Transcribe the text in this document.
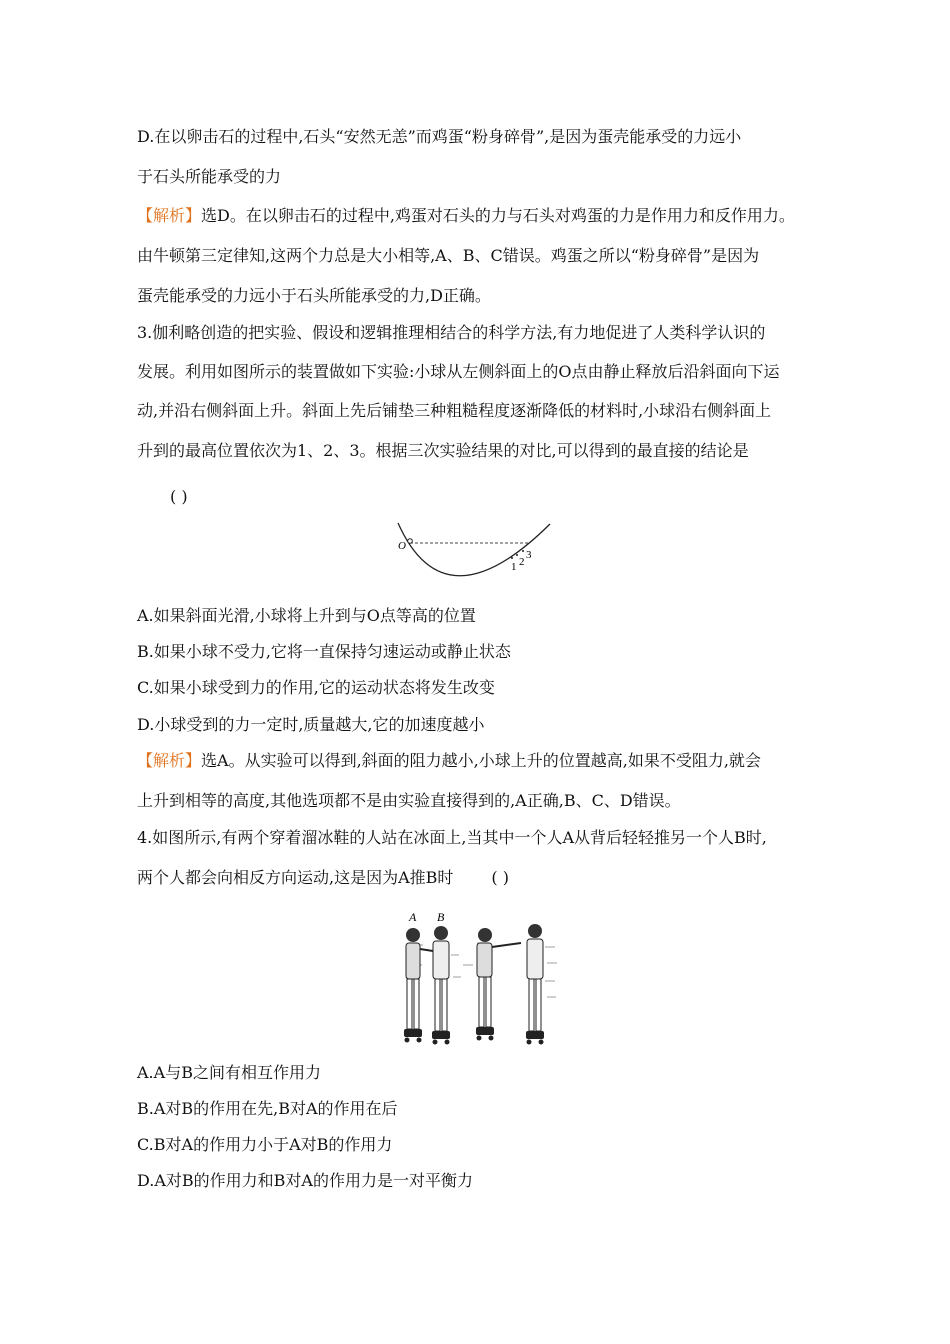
D.在以卵击石的过程中,石头“安然无恙”而鸡蛋“粉身碎骨”,是因为蛋壳能承受的力远小
于石头所能承受的力
【解析】选D。在以卵击石的过程中,鸡蛋对石头的力与石头对鸡蛋的力是作用力和反作用力。
由牛顿第三定律知,这两个力总是大小相等,A、B、C错误。鸡蛋之所以“粉身碎骨”是因为
蛋壳能承受的力远小于石头所能承受的力,D正确。
3.伽利略创造的把实验、假设和逻辑推理相结合的科学方法,有力地促进了人类科学认识的
发展。利用如图所示的装置做如下实验:小球从左侧斜面上的O点由静止释放后沿斜面向下运
动,并沿右侧斜面上升。斜面上先后铺垫三种粗糙程度逐渐降低的材料时,小球沿右侧斜面上
升到的最高位置依次为1、2、3。根据三次实验结果的对比,可以得到的最直接的结论是
( )
O
1 2
3
A.如果斜面光滑,小球将上升到与O点等高的位置
B.如果小球不受力,它将一直保持匀速运动或静止状态
C.如果小球受到力的作用,它的运动状态将发生改变
D.小球受到的力一定时,质量越大,它的加速度越小
【解析】选A。从实验可以得到,斜面的阻力越小,小球上升的位置越高,如果不受阻力,就会
上升到相等的高度,其他选项都不是由实验直接得到的,A正确,B、C、D错误。
4.如图所示,有两个穿着溜冰鞋的人站在冰面上,当其中一个人A从背后轻轻推另一个人B时,
两个人都会向相反方向运动,这是因为A推B时 ( )
A B
A.A与B之间有相互作用力
B.A对B的作用在先,B对A的作用在后
C.B对A的作用力小于A对B的作用力
D.A对B的作用力和B对A的作用力是一对平衡力
